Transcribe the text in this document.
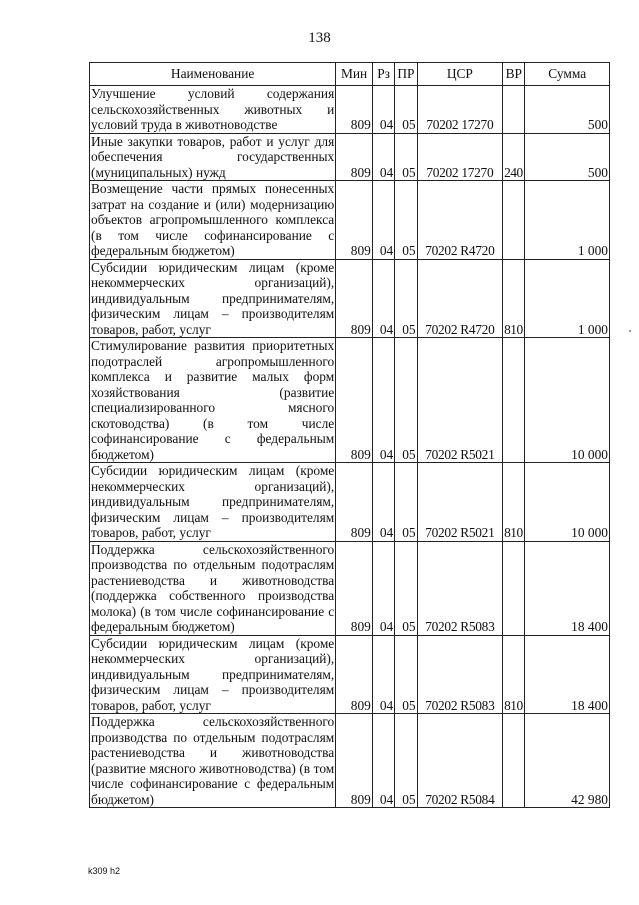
138
Наименование	Мин	Рз	ПР	ЦСР	ВР	Сумма
Улучшение условий содержания сельскохозяйственных животных и условий труда в животноводстве	809	04	05	70202 17270		500
Иные закупки товаров, работ и услуг для обеспечения государственных (муниципальных) нужд	809	04	05	70202 17270	240	500
Возмещение части прямых понесенных затрат на создание и (или) модернизацию объектов агропромышленного комплекса (в том числе софинансирование с федеральным бюджетом)	809	04	05	70202 R4720		1 000
Субсидии юридическим лицам (кроме некоммерческих организаций), индивидуальным предпринимателям, физическим лицам – производителям товаров, работ, услуг	809	04	05	70202 R4720	810	1 000
Стимулирование развития приоритетных подотраслей агропромышленного комплекса и развитие малых форм хозяйствования (развитие специализированного мясного скотоводства) (в том числе софинансирование с федеральным бюджетом)	809	04	05	70202 R5021		10 000
Субсидии юридическим лицам (кроме некоммерческих организаций), индивидуальным предпринимателям, физическим лицам – производителям товаров, работ, услуг	809	04	05	70202 R5021	810	10 000
Поддержка сельскохозяйственного производства по отдельным подотраслям растениеводства и животноводства (поддержка собственного производства молока) (в том числе софинансирование с федеральным бюджетом)	809	04	05	70202 R5083		18 400
Субсидии юридическим лицам (кроме некоммерческих организаций), индивидуальным предпринимателям, физическим лицам – производителям товаров, работ, услуг	809	04	05	70202 R5083	810	18 400
Поддержка сельскохозяйственного производства по отдельным подотраслям растениеводства и животноводства (развитие мясного животноводства) (в том числе софинансирование с федеральным бюджетом)	809	04	05	70202 R5084		42 980
k309 h2
